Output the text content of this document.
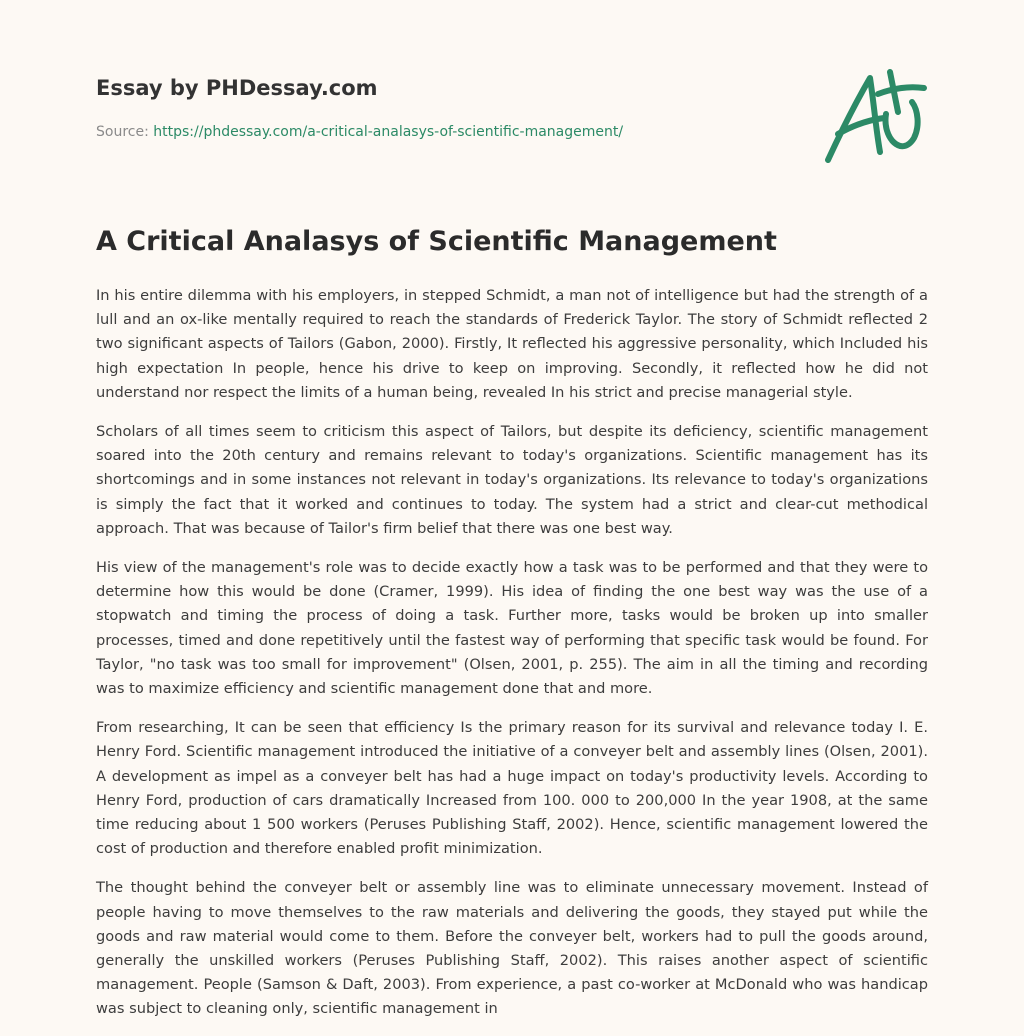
Essay by PHDessay.com

Source: https://phdessay.com/a-critical-analasys-of-scientific-management/

A Critical Analasys of Scientific Management

In his entire dilemma with his employers, in stepped Schmidt, a man not of intelligence but had the strength of a lull and an ox-like mentally required to reach the standards of Frederick Taylor. The story of Schmidt reflected 2 two significant aspects of Tailors (Gabon, 2000). Firstly, It reflected his aggressive personality, which Included his high expectation In people, hence his drive to keep on improving. Secondly, it reflected how he did not understand nor respect the limits of a human being, revealed In his strict and precise managerial style.

Scholars of all times seem to criticism this aspect of Tailors, but despite its deficiency, scientific management soared into the 20th century and remains relevant to today's organizations. Scientific management has its shortcomings and in some instances not relevant in today's organizations. Its relevance to today's organizations is simply the fact that it worked and continues to today. The system had a strict and clear-cut methodical approach. That was because of Tailor's firm belief that there was one best way.

His view of the management's role was to decide exactly how a task was to be performed and that they were to determine how this would be done (Cramer, 1999). His idea of finding the one best way was the use of a stopwatch and timing the process of doing a task. Further more, tasks would be broken up into smaller processes, timed and done repetitively until the fastest way of performing that specific task would be found. For Taylor, "no task was too small for improvement" (Olsen, 2001, p. 255). The aim in all the timing and recording was to maximize efficiency and scientific management done that and more.

From researching, It can be seen that efficiency Is the primary reason for its survival and relevance today I. E. Henry Ford. Scientific management introduced the initiative of a conveyer belt and assembly lines (Olsen, 2001). A development as impel as a conveyer belt has had a huge impact on today's productivity levels. According to Henry Ford, production of cars dramatically Increased from 100. 000 to 200,000 In the year 1908, at the same time reducing about 1 500 workers (Peruses Publishing Staff, 2002). Hence, scientific management lowered the cost of production and therefore enabled profit minimization.

The thought behind the conveyer belt or assembly line was to eliminate unnecessary movement. Instead of people having to move themselves to the raw materials and delivering the goods, they stayed put while the goods and raw material would come to them. Before the conveyer belt, workers had to pull the goods around, generally the unskilled workers (Peruses Publishing Staff, 2002). This raises another aspect of scientific management. People (Samson & Daft, 2003). From experience, a past co-worker at McDonald who was handicap was subject to cleaning only, scientific management in
